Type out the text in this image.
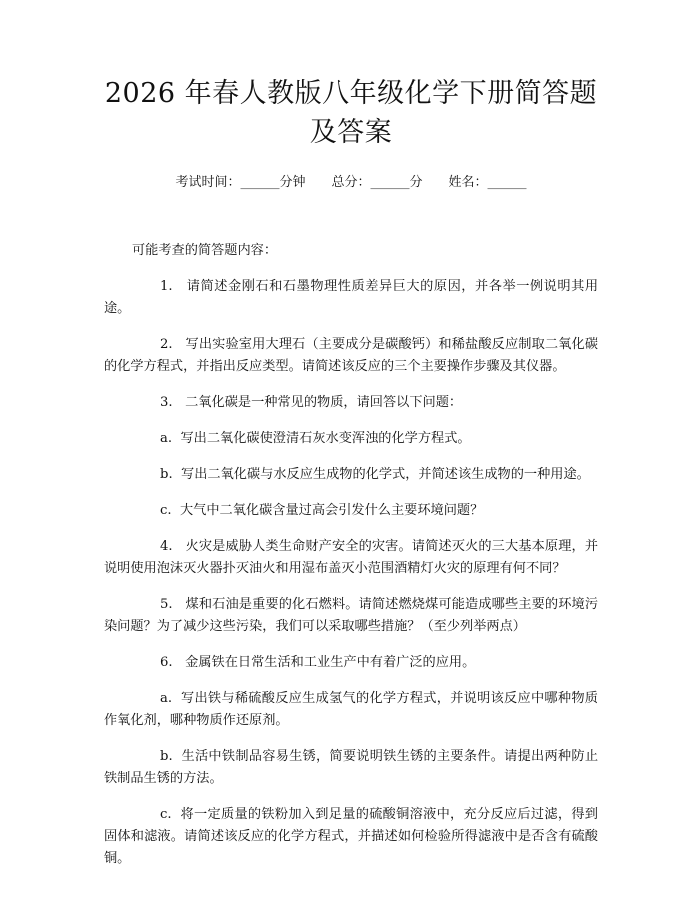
2026 年春人教版八年级化学下册简答题及答案
考试时间：______分钟 总分：______分 姓名：______

可能考查的简答题内容：

1. 请简述金刚石和石墨物理性质差异巨大的原因，并各举一例说明其用途。

2. 写出实验室用大理石（主要成分是碳酸钙）和稀盐酸反应制取二氧化碳的化学方程式，并指出反应类型。请简述该反应的三个主要操作步骤及其仪器。

3. 二氧化碳是一种常见的物质，请回答以下问题：

a. 写出二氧化碳使澄清石灰水变浑浊的化学方程式。

b. 写出二氧化碳与水反应生成物的化学式，并简述该生成物的一种用途。

c. 大气中二氧化碳含量过高会引发什么主要环境问题？

4. 火灾是威胁人类生命财产安全的灾害。请简述灭火的三大基本原理，并说明使用泡沫灭火器扑灭油火和用湿布盖灭小范围酒精灯火灾的原理有何不同？

5. 煤和石油是重要的化石燃料。请简述燃烧煤可能造成哪些主要的环境污染问题？为了减少这些污染，我们可以采取哪些措施？（至少列举两点）

6. 金属铁在日常生活和工业生产中有着广泛的应用。

a. 写出铁与稀硫酸反应生成氢气的化学方程式，并说明该反应中哪种物质作氧化剂，哪种物质作还原剂。

b. 生活中铁制品容易生锈，简要说明铁生锈的主要条件。请提出两种防止铁制品生锈的方法。

c. 将一定质量的铁粉加入到足量的硫酸铜溶液中，充分反应后过滤，得到固体和滤液。请简述该反应的化学方程式，并描述如何检验所得滤液中是否含有硫酸铜。
